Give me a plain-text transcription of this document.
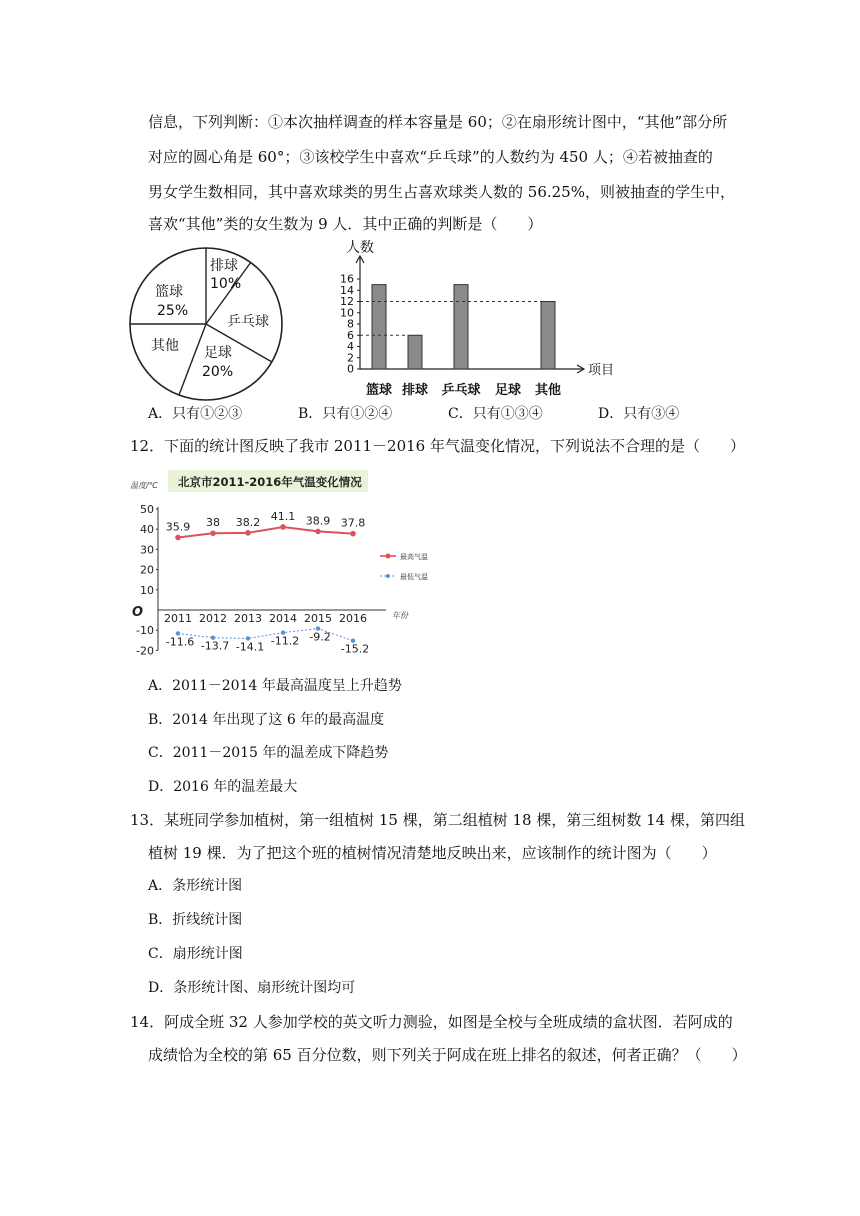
信息，下列判断：①本次抽样调查的样本容量是 60；②在扇形统计图中，“其他”部分所
对应的圆心角是 60°；③该校学生中喜欢“乒乓球”的人数约为 450 人；④若被抽查的
男女学生数相同，其中喜欢球类的男生占喜欢球类人数的 56.25%，则被抽查的学生中，
喜欢“其他”类的女生数为 9 人．其中正确的判断是（　　）
篮球
25%
排球
10%
乒乓球
其他 足球
20%
人数
项目
0
2
4
6
8
10
12
14
16
篮球 排球 乒乓球 足球 其他
A．只有①②③	B．只有①②④	C．只有①③④	D．只有③④
12．下面的统计图反映了我市 2011－2016 年气温变化情况，下列说法不合理的是（　　）
北京市2011-2016年气温变化情况
温度/℃
年份
O
50
40
30
20
10
-10
-20
2011 2012 2013 2014 2015 2016
35.9 38 38.2 41.1 38.9 37.8
-11.6 -13.7 -14.1 -11.2 -9.2
-15.2
最高气温
最低气温
A．2011－2014 年最高温度呈上升趋势
B．2014 年出现了这 6 年的最高温度
C．2011－2015 年的温差成下降趋势
D．2016 年的温差最大
13．某班同学参加植树，第一组植树 15 棵，第二组植树 18 棵，第三组树数 14 棵，第四组
植树 19 棵．为了把这个班的植树情况清楚地反映出来，应该制作的统计图为（　　）
A．条形统计图
B．折线统计图
C．扇形统计图
D．条形统计图、扇形统计图均可
14．阿成全班 32 人参加学校的英文听力测验，如图是全校与全班成绩的盒状图．若阿成的
成绩恰为全校的第 65 百分位数，则下列关于阿成在班上排名的叙述，何者正确？（　　）
